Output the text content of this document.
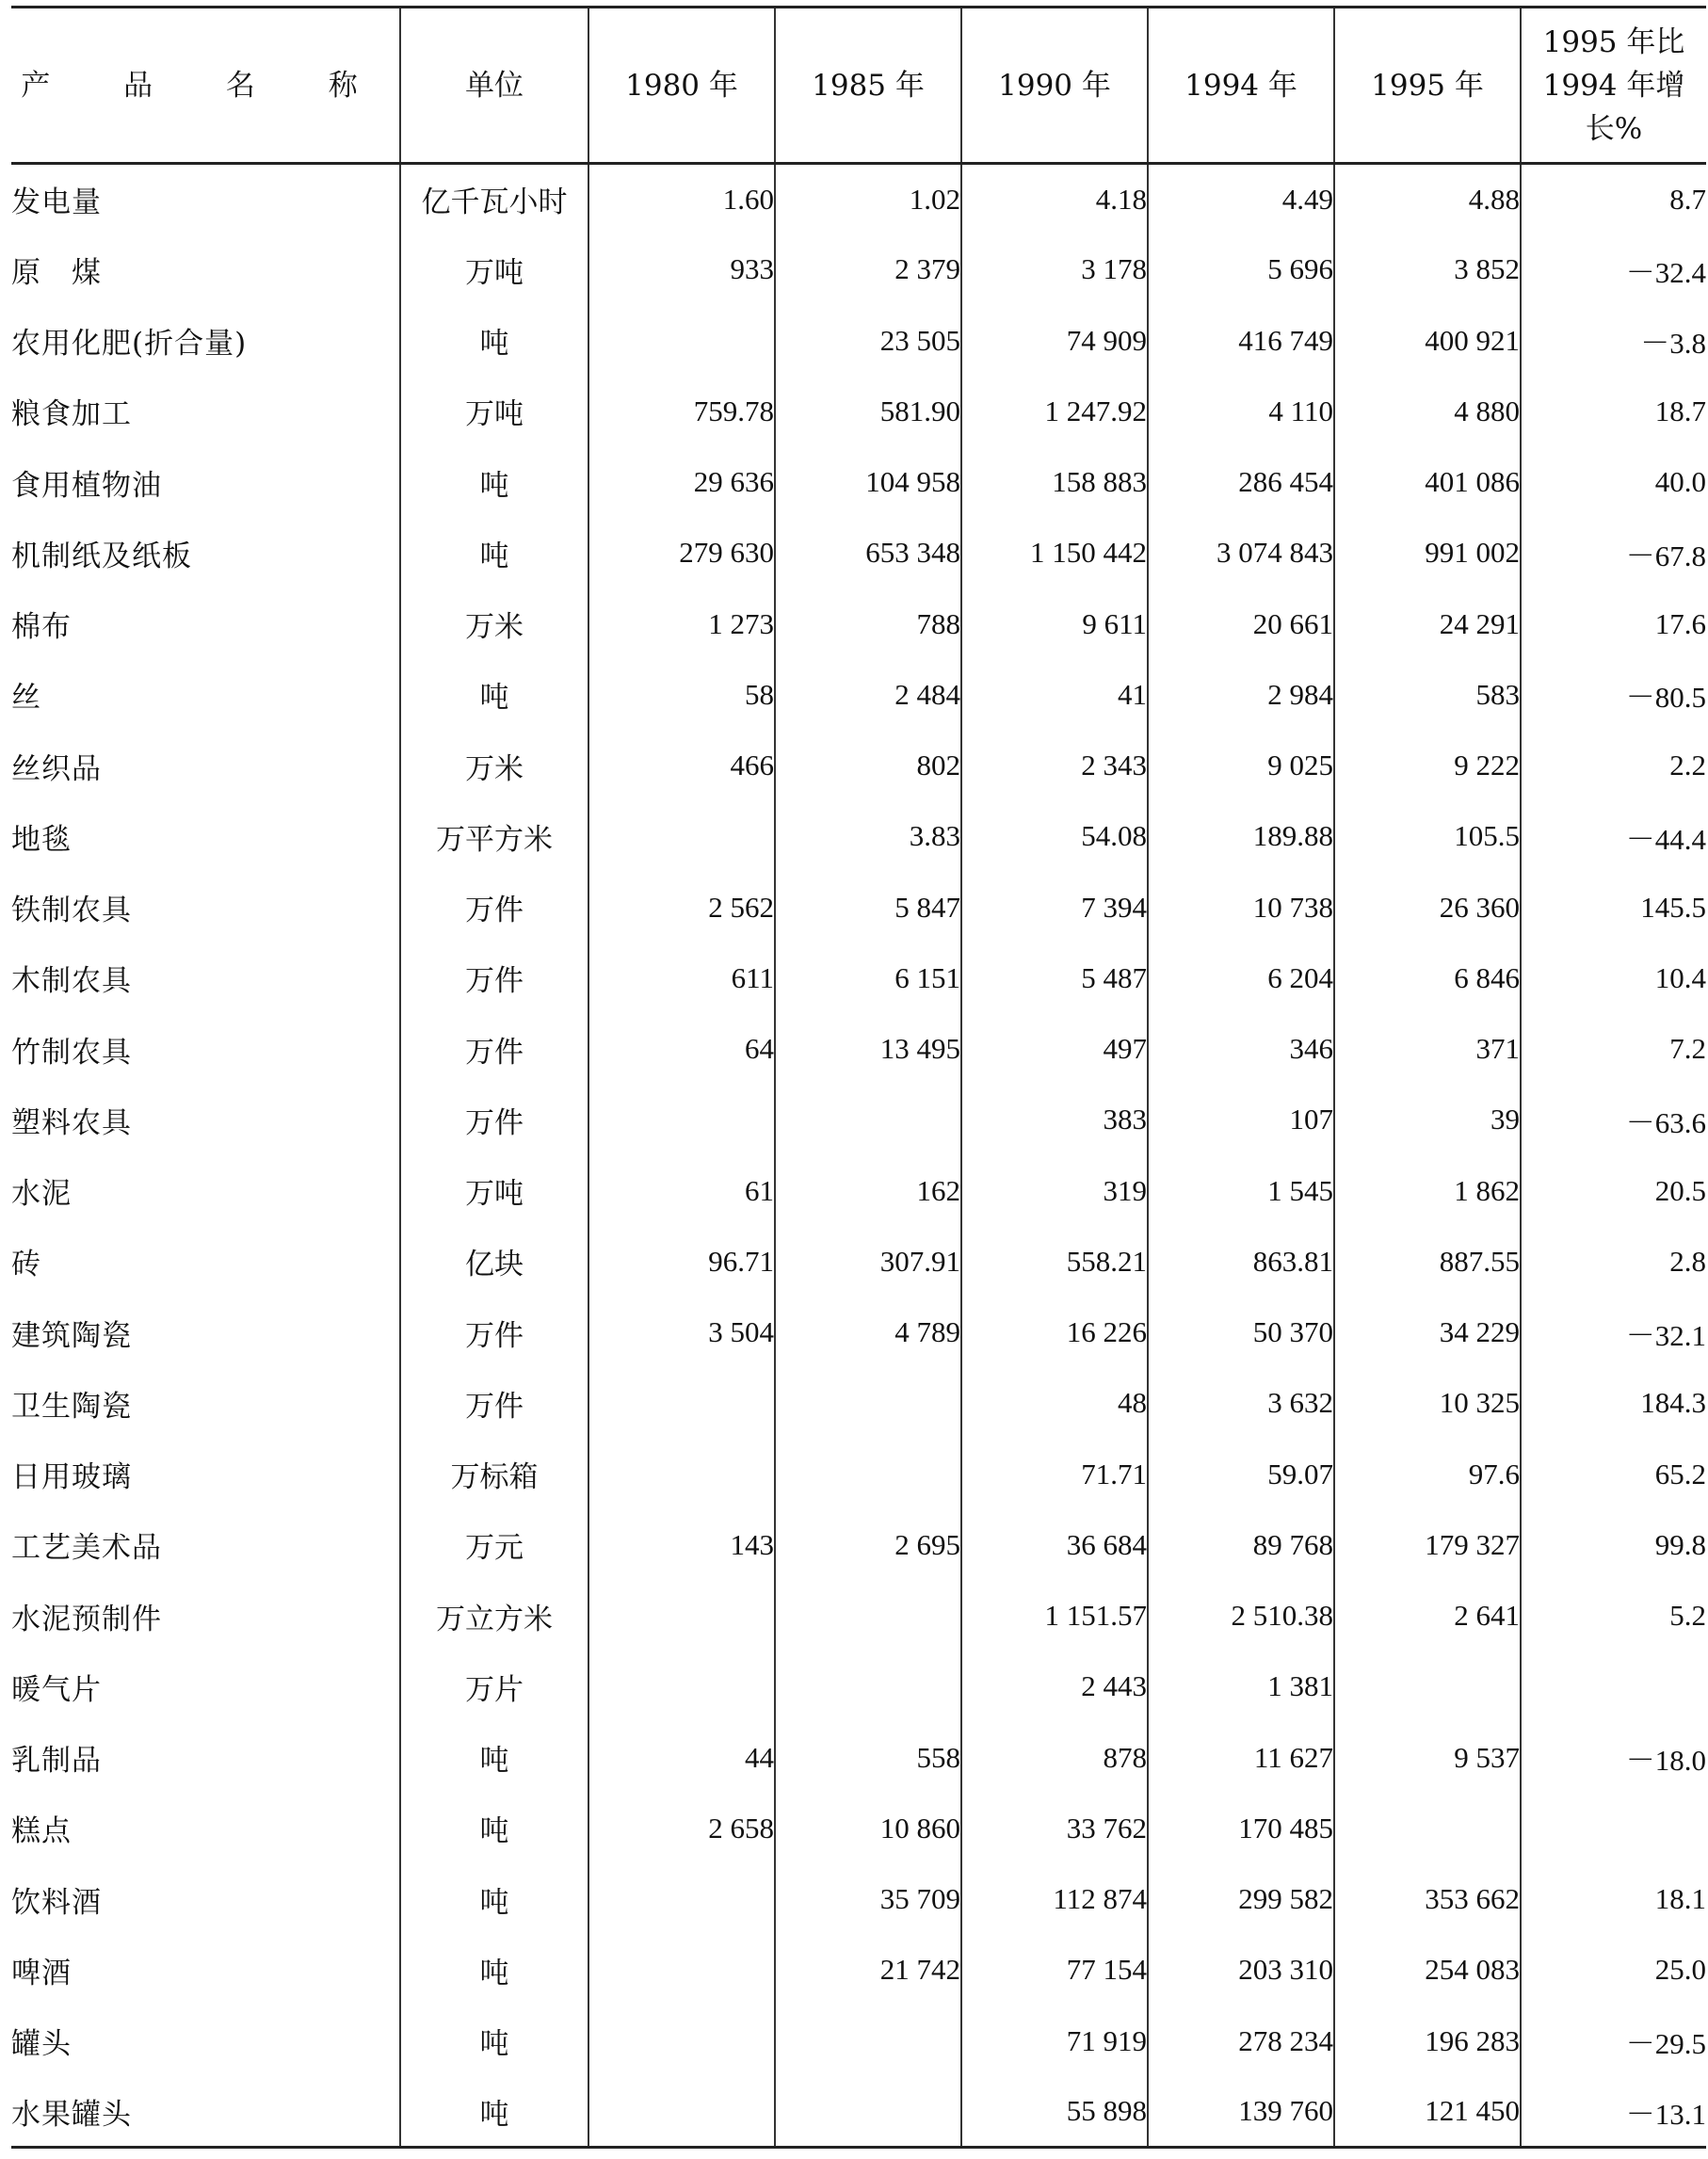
产 品 名 称	单位	1980 年	1985 年	1990 年	1994 年	1995 年	1995 年比
1994 年增
长%

发电量	亿千瓦小时	1.60	1.02	4.18	4.49	4.88	8.7
原　煤	万吨	933	2 379	3 178	5 696	3 852	－32.4
农用化肥(折合量)	吨		23 505	74 909	416 749	400 921	－3.8
粮食加工	万吨	759.78	581.90	1 247.92	4 110	4 880	18.7
食用植物油	吨	29 636	104 958	158 883	286 454	401 086	40.0
机制纸及纸板	吨	279 630	653 348	1 150 442	3 074 843	991 002	－67.8
棉布	万米	1 273	788	9 611	20 661	24 291	17.6
丝	吨	58	2 484	41	2 984	583	－80.5
丝织品	万米	466	802	2 343	9 025	9 222	2.2
地毯	万平方米		3.83	54.08	189.88	105.5	－44.4
铁制农具	万件	2 562	5 847	7 394	10 738	26 360	145.5
木制农具	万件	611	6 151	5 487	6 204	6 846	10.4
竹制农具	万件	64	13 495	497	346	371	7.2
塑料农具	万件			383	107	39	－63.6
水泥	万吨	61	162	319	1 545	1 862	20.5
砖	亿块	96.71	307.91	558.21	863.81	887.55	2.8
建筑陶瓷	万件	3 504	4 789	16 226	50 370	34 229	－32.1
卫生陶瓷	万件			48	3 632	10 325	184.3
日用玻璃	万标箱			71.71	59.07	97.6	65.2
工艺美术品	万元	143	2 695	36 684	89 768	179 327	99.8
水泥预制件	万立方米			1 151.57	2 510.38	2 641	5.2
暖气片	万片			2 443	1 381		
乳制品	吨	44	558	878	11 627	9 537	－18.0
糕点	吨	2 658	10 860	33 762	170 485		
饮料酒	吨		35 709	112 874	299 582	353 662	18.1
啤酒	吨		21 742	77 154	203 310	254 083	25.0
罐头	吨			71 919	278 234	196 283	－29.5
水果罐头	吨			55 898	139 760	121 450	－13.1
